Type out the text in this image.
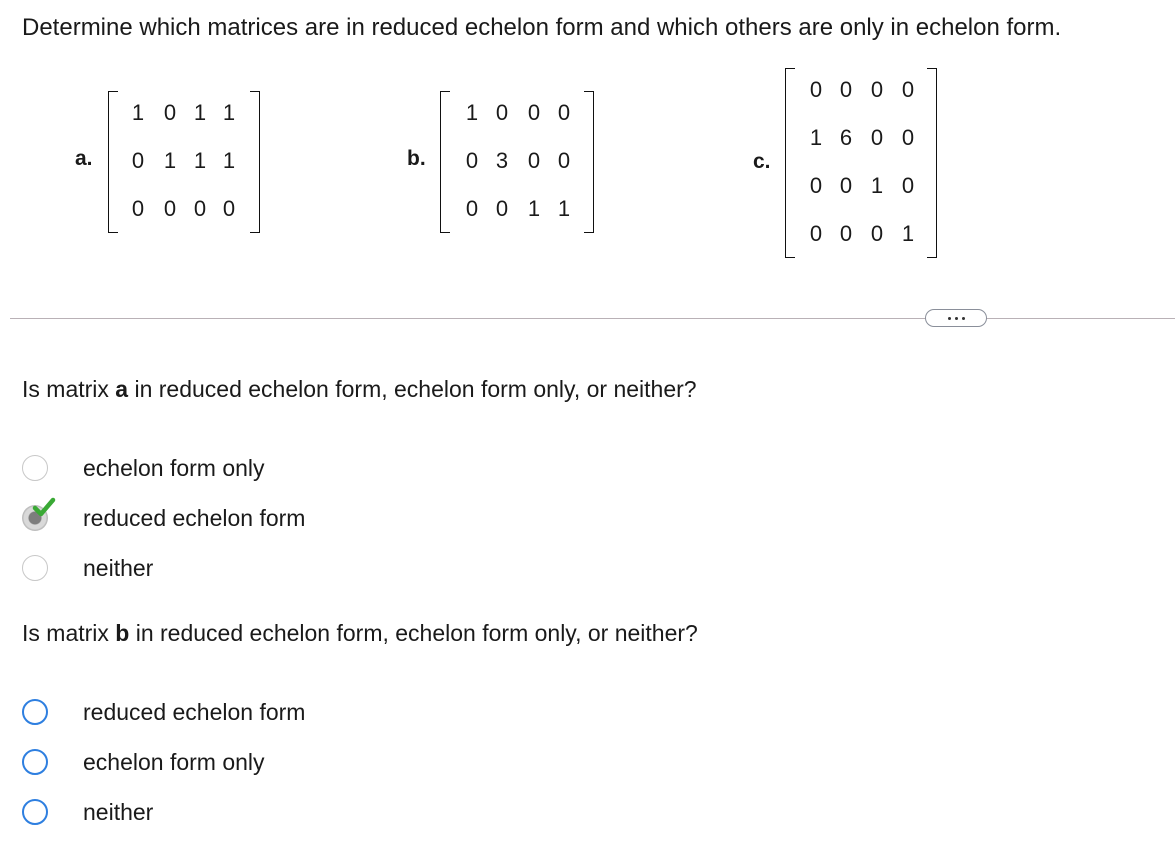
Determine which matrices are in reduced echelon form and which others are only in echelon form.
a.
1 0 1 1
0 1 1 1
0 0 0 0
b.
1 0 0 0
0 3 0 0
0 0 1 1
c.
0 0 0 0
1 6 0 0
0 0 1 0
0 0 0 1
Is matrix a in reduced echelon form, echelon form only, or neither?
echelon form only
reduced echelon form
neither
Is matrix b in reduced echelon form, echelon form only, or neither?
reduced echelon form
echelon form only
neither
